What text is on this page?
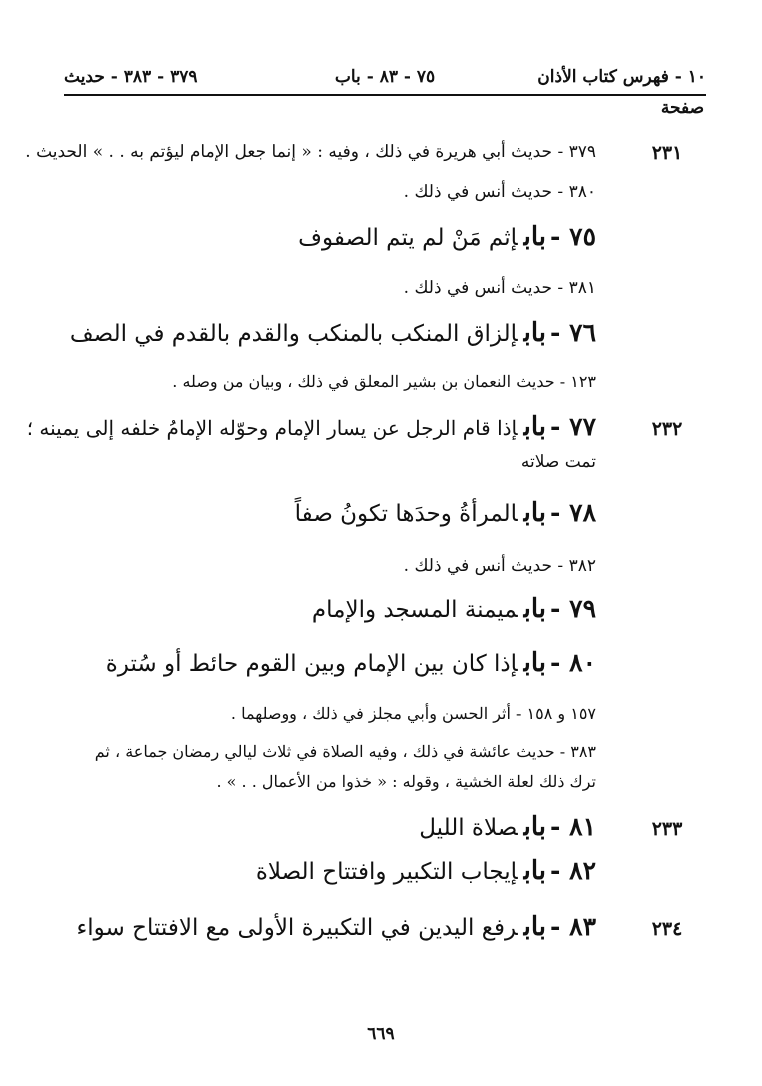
١٠ - فهرس كتاب الأذان
٧٥ - ٨٣ - باب
٣٧٩ - ٣٨٣ - حديث
صفحة
٢٣١
٣٧٩ - حديث أبي هريرة في ذلك ، وفيه : « إنما جعل الإمام ليؤتم به . . » الحديث .
٣٨٠ - حديث أنس في ذلك .
٧٥ -بابإثم مَنْ لم يتم الصفوف
٣٨١ - حديث أنس في ذلك .
٧٦ -بابإلزاق المنكب بالمنكب والقدم بالقدم في الصف
١٢٣ - حديث النعمان بن بشير المعلق في ذلك ، وبيان من وصله .
٢٣٢
٧٧ -بابإذا قام الرجل عن يسار الإمام وحوّله الإمامُ خلفه إلى يمينه ؛
تمت صلاته
٧٨ -بابالمرأةُ وحدَها تكونُ صفاً
٣٨٢ - حديث أنس في ذلك .
٧٩ -بابميمنة المسجد والإمام
٨٠ -بابإذا كان بين الإمام وبين القوم حائط أو سُترة
١٥٧ و ١٥٨ - أثر الحسن وأبي مجلز في ذلك ، ووصلهما .
٣٨٣ - حديث عائشة في ذلك ، وفيه الصلاة في ثلاث ليالي رمضان جماعة ، ثم
ترك ذلك لعلة الخشية ، وقوله : « خذوا من الأعمال . . » .
٢٣٣
٨١ -بابصلاة الليل
٨٢ -بابإيجاب التكبير وافتتاح الصلاة
٢٣٤
٨٣ -بابرفع اليدين في التكبيرة الأولى مع الافتتاح سواء
٦٦٩
